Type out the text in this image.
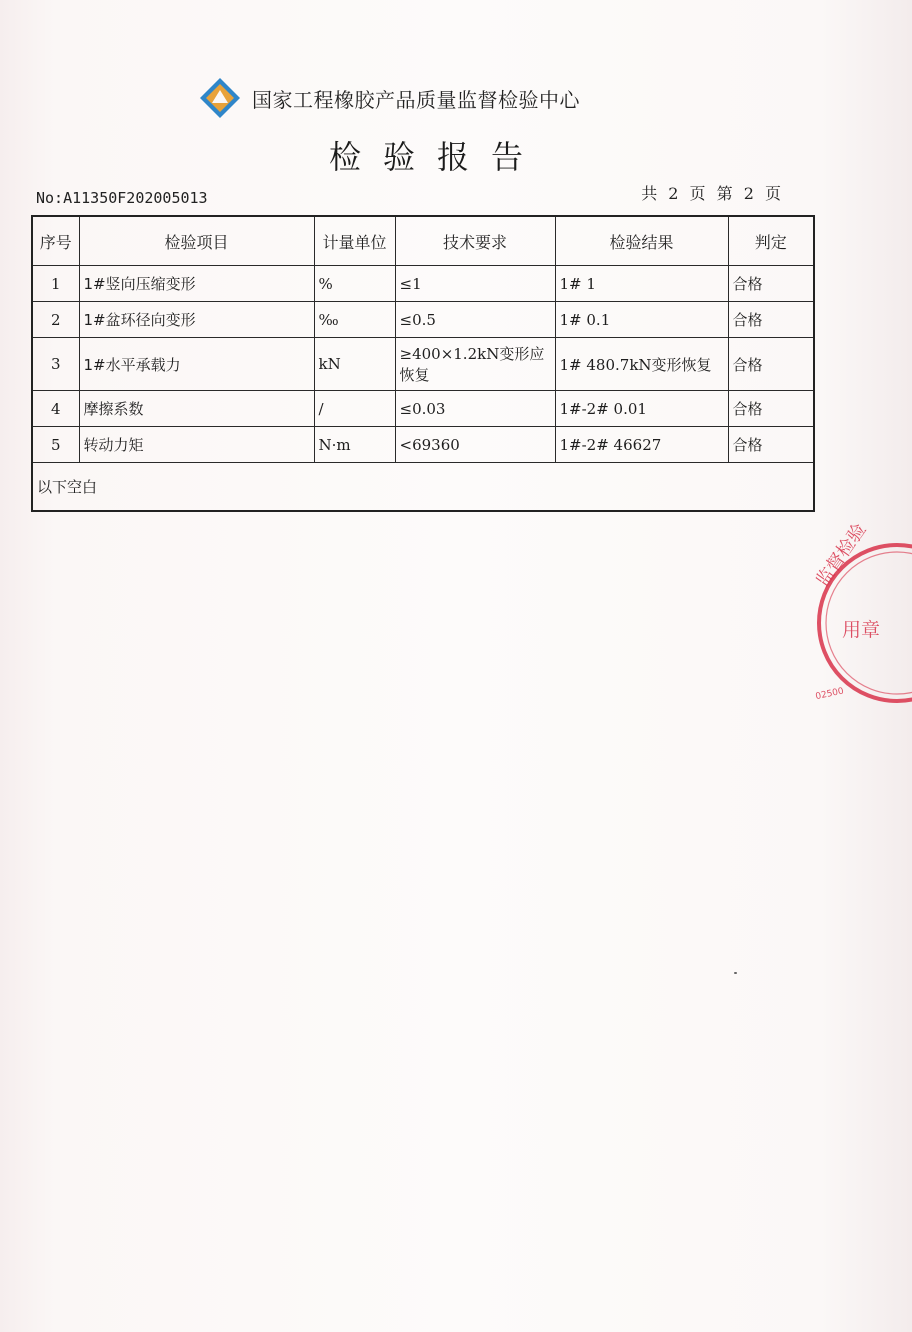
国家工程橡胶产品质量监督检验中心
检验报告
No:A11350F202005013	共 2 页 第 2 页
序号	检验项目	计量单位	技术要求	检验结果	判定
1	1#竖向压缩变形	%	≤1	1# 1	合格
2	1#盆环径向变形	‰	≤0.5	1# 0.1	合格
3	1#水平承载力	kN	≥400×1.2kN变形应恢复	1# 480.7kN变形恢复	合格
4	摩擦系数	/	≤0.03	1#-2# 0.01	合格
5	转动力矩	N·m	<69360	1#-2# 46627	合格
以下空白					
监督检验
用章
02500
